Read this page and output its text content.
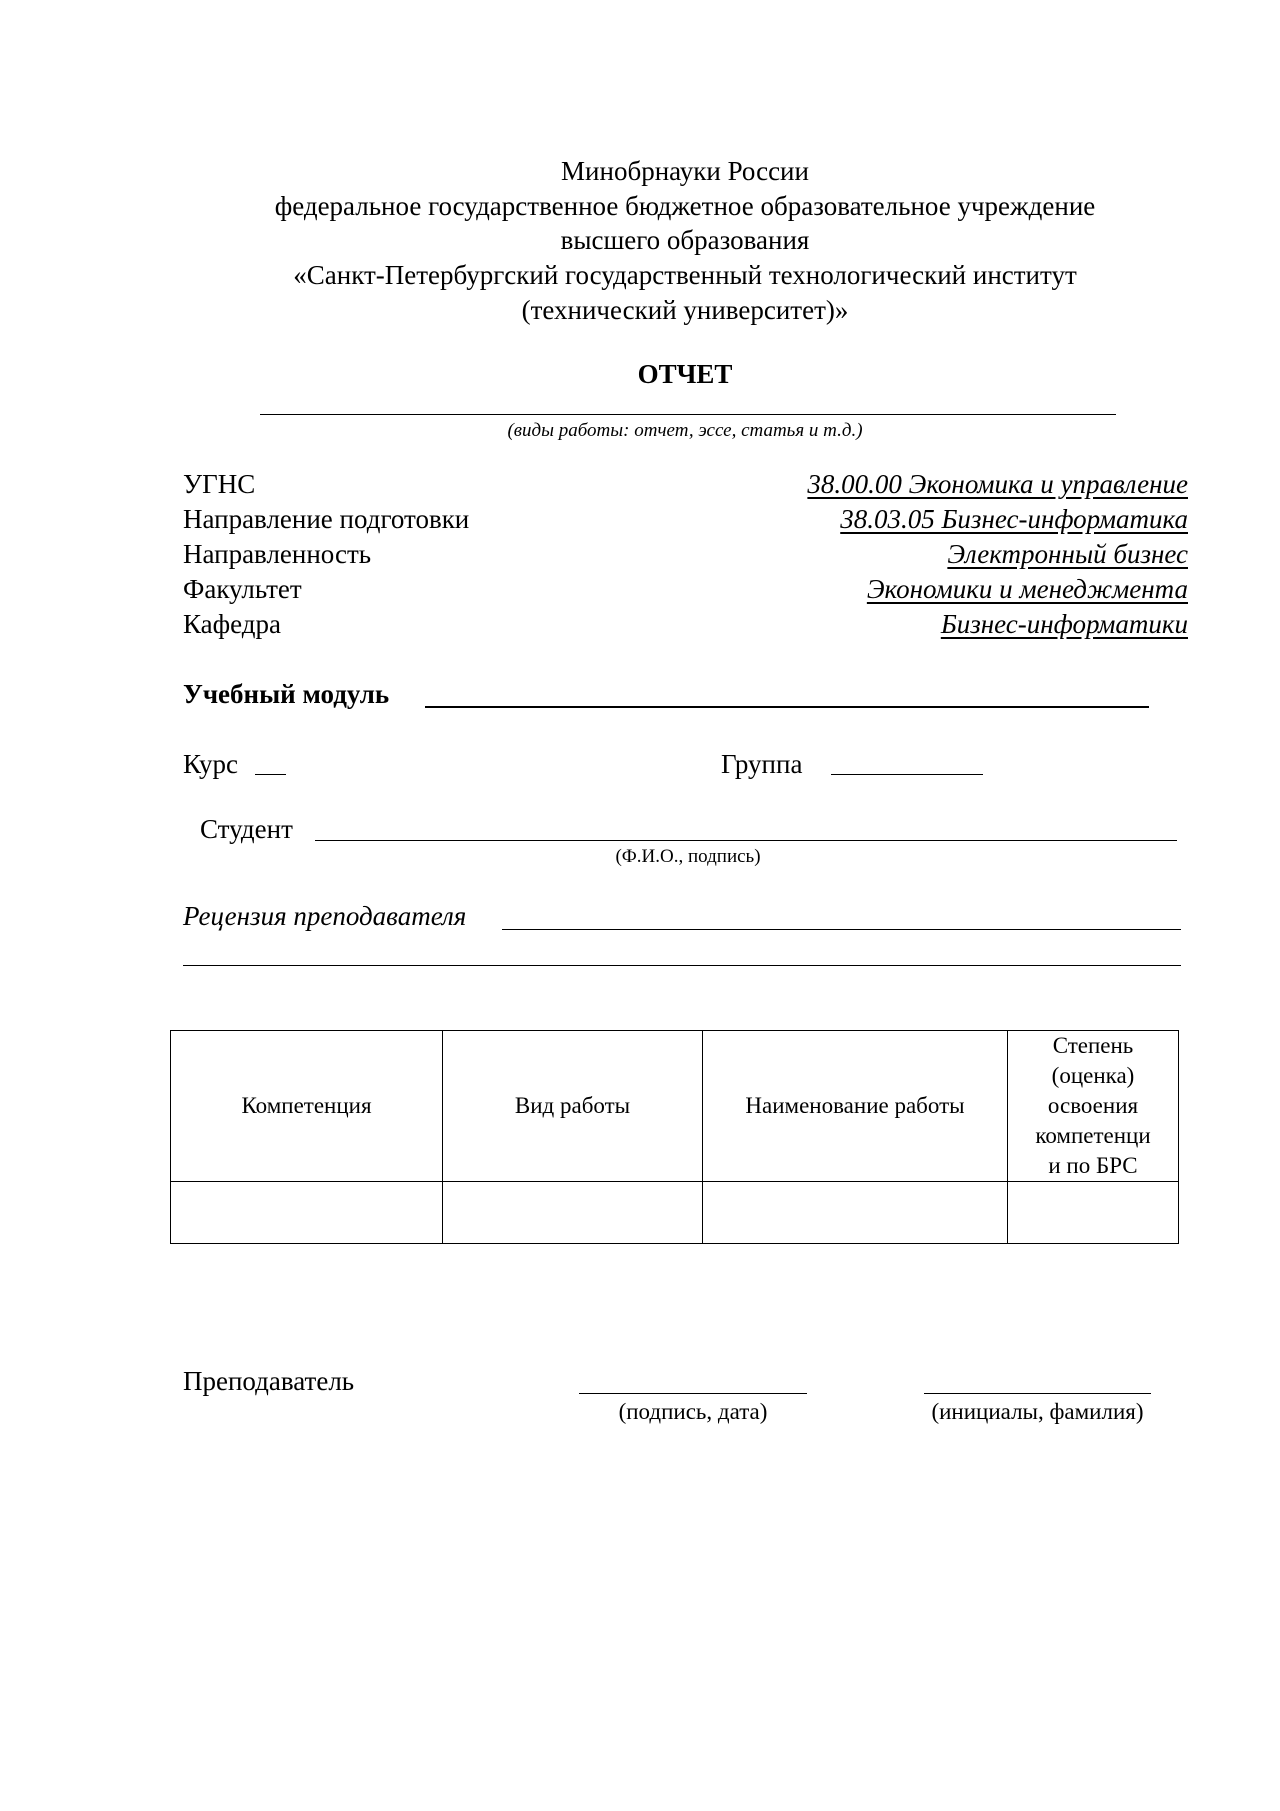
Минобрнауки России
федеральное государственное бюджетное образовательное учреждение
высшего образования
«Санкт-Петербургский государственный технологический институт
(технический университет)»
ОТЧЕТ
(виды работы: отчет, эссе, статья и т.д.)
УГНС	38.00.00 Экономика и управление
Направление подготовки	38.03.05 Бизнес-информатика
Направленность	Электронный бизнес
Факультет	Экономики и менеджмента
Кафедра	Бизнес-информатики
Учебный модуль
Курс	Группа
Студент
(Ф.И.О., подпись)
Рецензия преподавателя
Компетенция	Вид работы	Наименование работы	Степень
(оценка)
освоения
компетенци
и по БРС

Преподаватель
(подпись, дата)	(инициалы, фамилия)
